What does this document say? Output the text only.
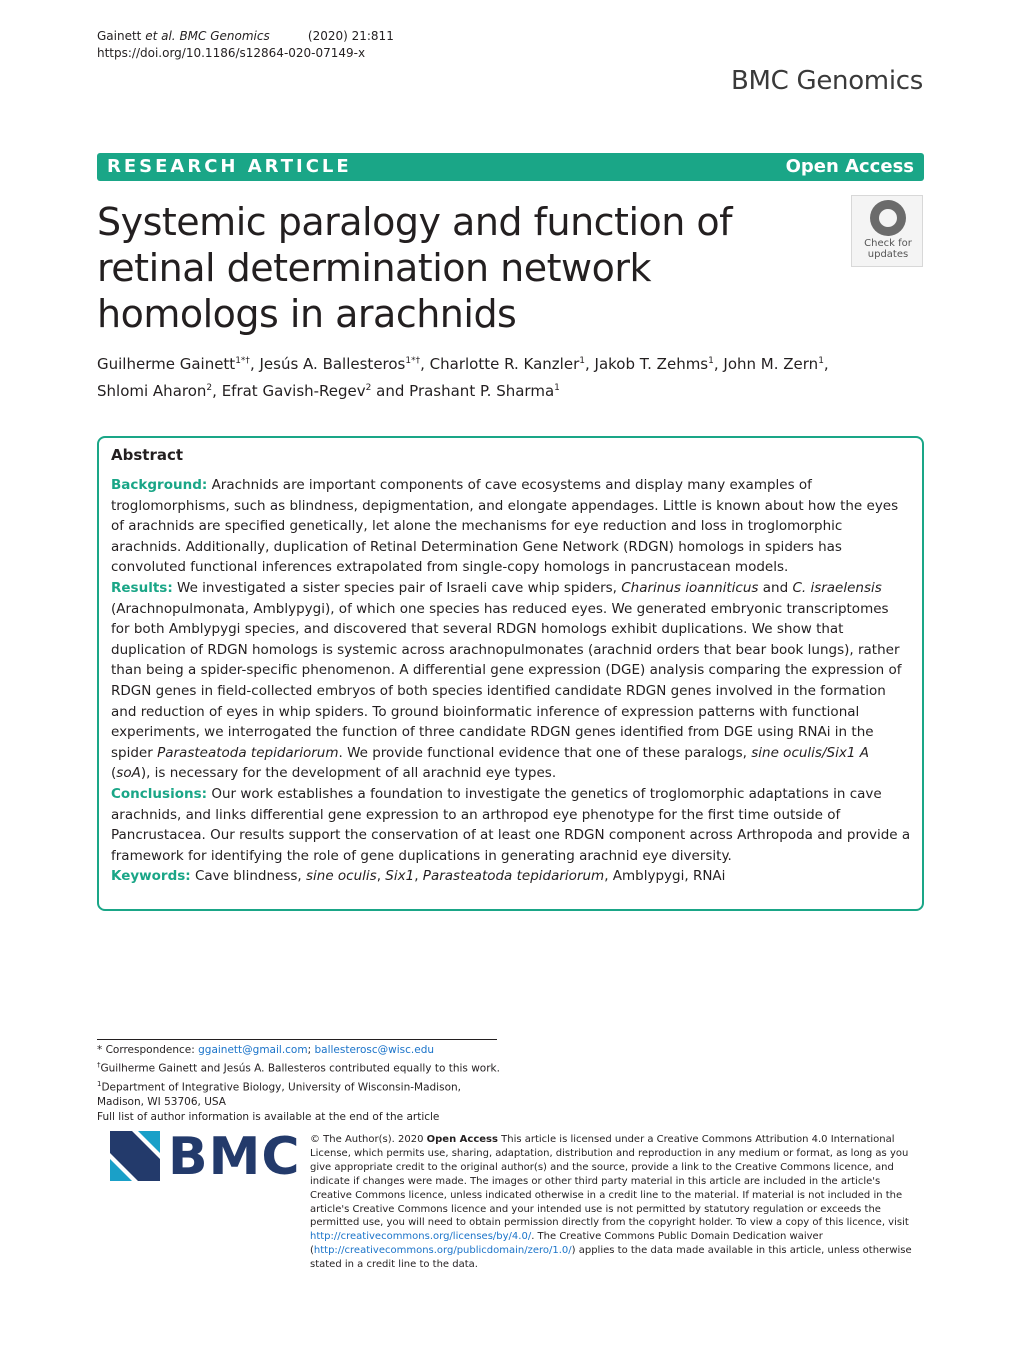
Gainett et al. BMC Genomics	(2020) 21:811
https://doi.org/10.1186/s12864-020-07149-x
BMC Genomics
RESEARCH ARTICLE	Open Access
Systemic paralogy and function of retinal determination network homologs in arachnids
Check for updates
Guilherme Gainett$^{1*\dagger}$, Jesús A. Ballesteros$^{1*\dagger}$, Charlotte R. Kanzler$^1$, Jakob T. Zehms$^1$, John M. Zern$^1$,
Shlomi Aharon$^2$, Efrat Gavish-Regev$^2$ and Prashant P. Sharma$^1$
Abstract

Background: Arachnids are important components of cave ecosystems and display many examples of troglomorphisms, such as blindness, depigmentation, and elongate appendages. Little is known about how the eyes of arachnids are specified genetically, let alone the mechanisms for eye reduction and loss in troglomorphic arachnids. Additionally, duplication of Retinal Determination Gene Network (RDGN) homologs in spiders has convoluted functional inferences extrapolated from single-copy homologs in pancrustacean models.

Results: We investigated a sister species pair of Israeli cave whip spiders, Charinus ioanniticus and C. israelensis (Arachnopulmonata, Amblypygi), of which one species has reduced eyes. We generated embryonic transcriptomes for both Amblypygi species, and discovered that several RDGN homologs exhibit duplications. We show that duplication of RDGN homologs is systemic across arachnopulmonates (arachnid orders that bear book lungs), rather than being a spider-specific phenomenon. A differential gene expression (DGE) analysis comparing the expression of RDGN genes in field-collected embryos of both species identified candidate RDGN genes involved in the formation and reduction of eyes in whip spiders. To ground bioinformatic inference of expression patterns with functional experiments, we interrogated the function of three candidate RDGN genes identified from DGE using RNAi in the spider Parasteatoda tepidariorum. We provide functional evidence that one of these paralogs, sine oculis/Six1 A (soA), is necessary for the development of all arachnid eye types.

Conclusions: Our work establishes a foundation to investigate the genetics of troglomorphic adaptations in cave arachnids, and links differential gene expression to an arthropod eye phenotype for the first time outside of Pancrustacea. Our results support the conservation of at least one RDGN component across Arthropoda and provide a framework for identifying the role of gene duplications in generating arachnid eye diversity.

Keywords: Cave blindness, sine oculis, Six1, Parasteatoda tepidariorum, Amblypygi, RNAi

* Correspondence: ggainett@gmail.com; ballesterosc@wisc.edu
†Guilherme Gainett and Jesús A. Ballesteros contributed equally to this work.
$^1$Department of Integrative Biology, University of Wisconsin-Madison, Madison, WI 53706, USA
Full list of author information is available at the end of the article
BMC © The Author(s). 2020 Open Access This article is licensed under a Creative Commons Attribution 4.0 International License, which permits use, sharing, adaptation, distribution and reproduction in any medium or format, as long as you give appropriate credit to the original author(s) and the source, provide a link to the Creative Commons licence, and indicate if changes were made. The images or other third party material in this article are included in the article's Creative Commons licence, unless indicated otherwise in a credit line to the material. If material is not included in the article's Creative Commons licence and your intended use is not permitted by statutory regulation or exceeds the permitted use, you will need to obtain permission directly from the copyright holder. To view a copy of this licence, visit http://creativecommons.org/licenses/by/4.0/. The Creative Commons Public Domain Dedication waiver (http://creativecommons.org/publicdomain/zero/1.0/) applies to the data made available in this article, unless otherwise stated in a credit line to the data.
